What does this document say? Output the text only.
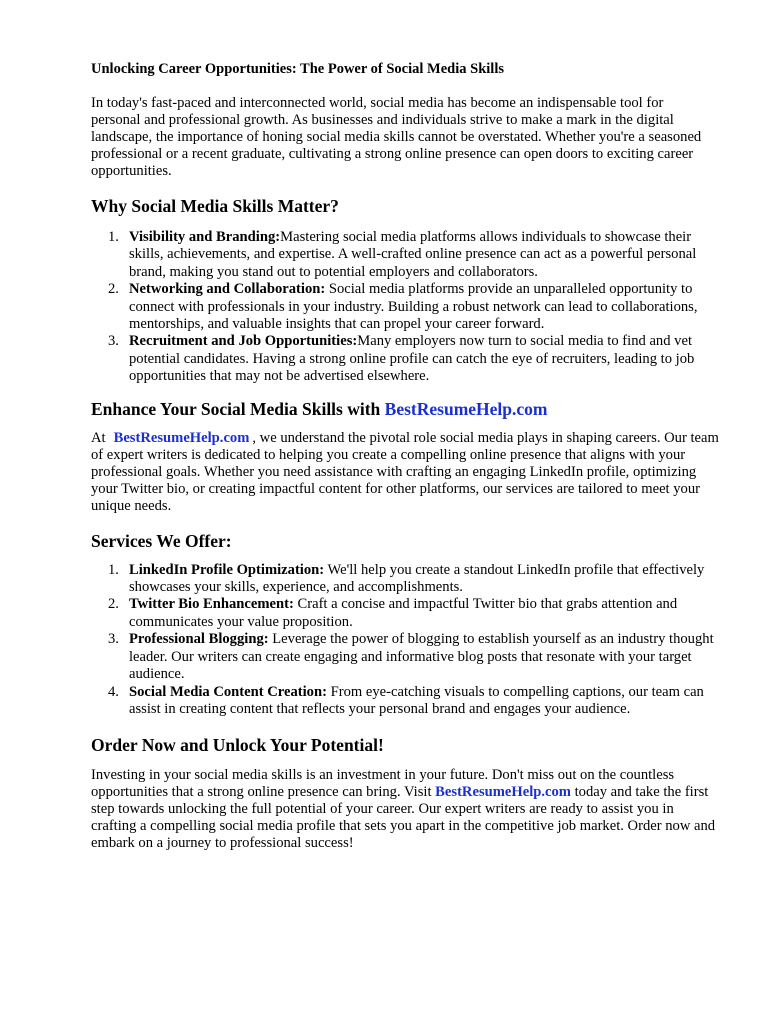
Unlocking Career Opportunities: The Power of Social Media Skills

In today's fast-paced and interconnected world, social media has become an indispensable tool for personal and professional growth. As businesses and individuals strive to make a mark in the digital landscape, the importance of honing social media skills cannot be overstated. Whether you're a seasoned professional or a recent graduate, cultivating a strong online presence can open doors to exciting career opportunities.

Why Social Media Skills Matter?
1. Visibility and Branding:Mastering social media platforms allows individuals to showcase their skills, achievements, and expertise. A well-crafted online presence can act as a powerful personal brand, making you stand out to potential employers and collaborators.
2. Networking and Collaboration: Social media platforms provide an unparalleled opportunity to connect with professionals in your industry. Building a robust network can lead to collaborations, mentorships, and valuable insights that can propel your career forward.
3. Recruitment and Job Opportunities:Many employers now turn to social media to find and vet potential candidates. Having a strong online profile can catch the eye of recruiters, leading to job opportunities that may not be advertised elsewhere.
Enhance Your Social Media Skills with BestResumeHelp.com

At BestResumeHelp.com , we understand the pivotal role social media plays in shaping careers. Our team of expert writers is dedicated to helping you create a compelling online presence that aligns with your professional goals. Whether you need assistance with crafting an engaging LinkedIn profile, optimizing your Twitter bio, or creating impactful content for other platforms, our services are tailored to meet your unique needs.

Services We Offer:
1. LinkedIn Profile Optimization: We'll help you create a standout LinkedIn profile that effectively showcases your skills, experience, and accomplishments.
2. Twitter Bio Enhancement: Craft a concise and impactful Twitter bio that grabs attention and communicates your value proposition.
3. Professional Blogging: Leverage the power of blogging to establish yourself as an industry thought leader. Our writers can create engaging and informative blog posts that resonate with your target audience.
4. Social Media Content Creation: From eye-catching visuals to compelling captions, our team can assist in creating content that reflects your personal brand and engages your audience.
Order Now and Unlock Your Potential!

Investing in your social media skills is an investment in your future. Don't miss out on the countless opportunities that a strong online presence can bring. Visit BestResumeHelp.com today and take the first step towards unlocking the full potential of your career. Our expert writers are ready to assist you in crafting a compelling social media profile that sets you apart in the competitive job market. Order now and embark on a journey to professional success!
